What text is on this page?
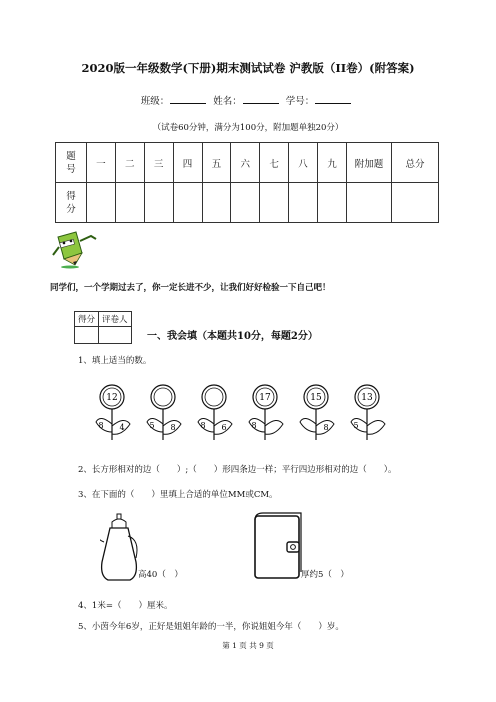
2020版一年级数学(下册)期末测试试卷 沪教版（II卷）(附答案)
班级：	姓名：	学号：
（试卷60分钟，满分为100分，附加题单独20分）
题号	一	二	三	四	五	六	七	八	九	附加题	总分
得分											
同学们，一个学期过去了，你一定长进不少，让我们好好检验一下自己吧！
得分	评卷人

一、我会填（本题共10分，每题2分）
1、填上适当的数。
12
8 4	5 8	8 6
17
8
15
8
13
5
2、长方形相对的边（　　）;（　　）形四条边一样；平行四边形相对的边（　　）。
3、在下面的（　　）里填上合适的单位MM或CM。
高40（　）	厚约5（　）
4、1米=（　　）厘米。
5、小茵今年6岁，正好是姐姐年龄的一半，你说姐姐今年（　　）岁。
第 1 页 共 9 页
